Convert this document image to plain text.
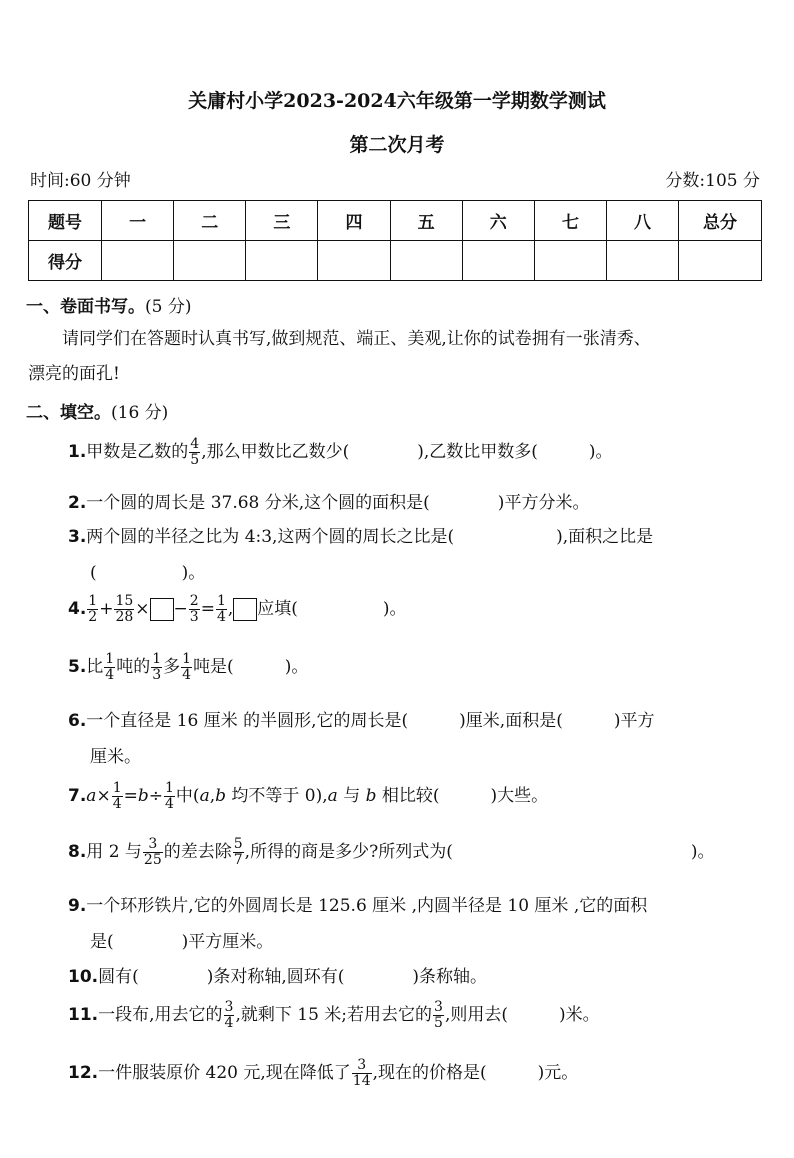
关庸村小学2023-2024六年级第一学期数学测试
第二次月考
时间:60 分钟	分数:105 分
题号	一	二	三	四	五	六	七	八	总分
得分									
一、卷面书写。(5 分)
请同学们在答题时认真书写,做到规范、端正、美观,让你的试卷拥有一张清秀、
漂亮的面孔!
二、填空。(16 分)
1.甲数是乙数的 $\frac{4}{5}$ ,那么甲数比乙数少(　　　　),乙数比甲数多(　　　)。
2.一个圆的周长是 37.68 分米,这个圆的面积是(　　　　)平方分米。
3.两个圆的半径之比为 4:3,这两个圆的周长之比是(　　　　　　),面积之比是
(　　　　　)。
4. $\frac{1}{2} + \frac{15}{28}$ × − $\frac{2}{3} = \frac{1}{4}$ , 应填(　　　　　)。
5.比 $\frac{1}{4}$ 吨的 $\frac{1}{3}$ 多 $\frac{1}{4}$ 吨是(　　　)。
6.一个直径是 16 厘米 的半圆形,它的周长是(　　　)厘米,面积是(　　　)平方
厘米。
$7.a\times \frac{1}{4} =b\div \frac{1}{4}$ 中(a,b 均不等于 0),a 与 b 相比较(　　　)大些。
8.用 2 与 $\frac{3}{25}$ 的差去除 $\frac{5}{7}$ ,所得的商是多少?所列式为(　　　　　　　　　　　　　　)。
9.一个环形铁片,它的外圆周长是 125.6 厘米 ,内圆半径是 10 厘米 ,它的面积
是(　　　　)平方厘米。
10.圆有(　　　　)条对称轴,圆环有(　　　　)条称轴。
11.一段布,用去它的 $\frac{3}{4}$ ,就剩下 15 米;若用去它的 $\frac{3}{5}$ ,则用去(　　　)米。
12.一件服装原价 420 元,现在降低了 $\frac{3}{14}$ ,现在的价格是(　　　)元。
